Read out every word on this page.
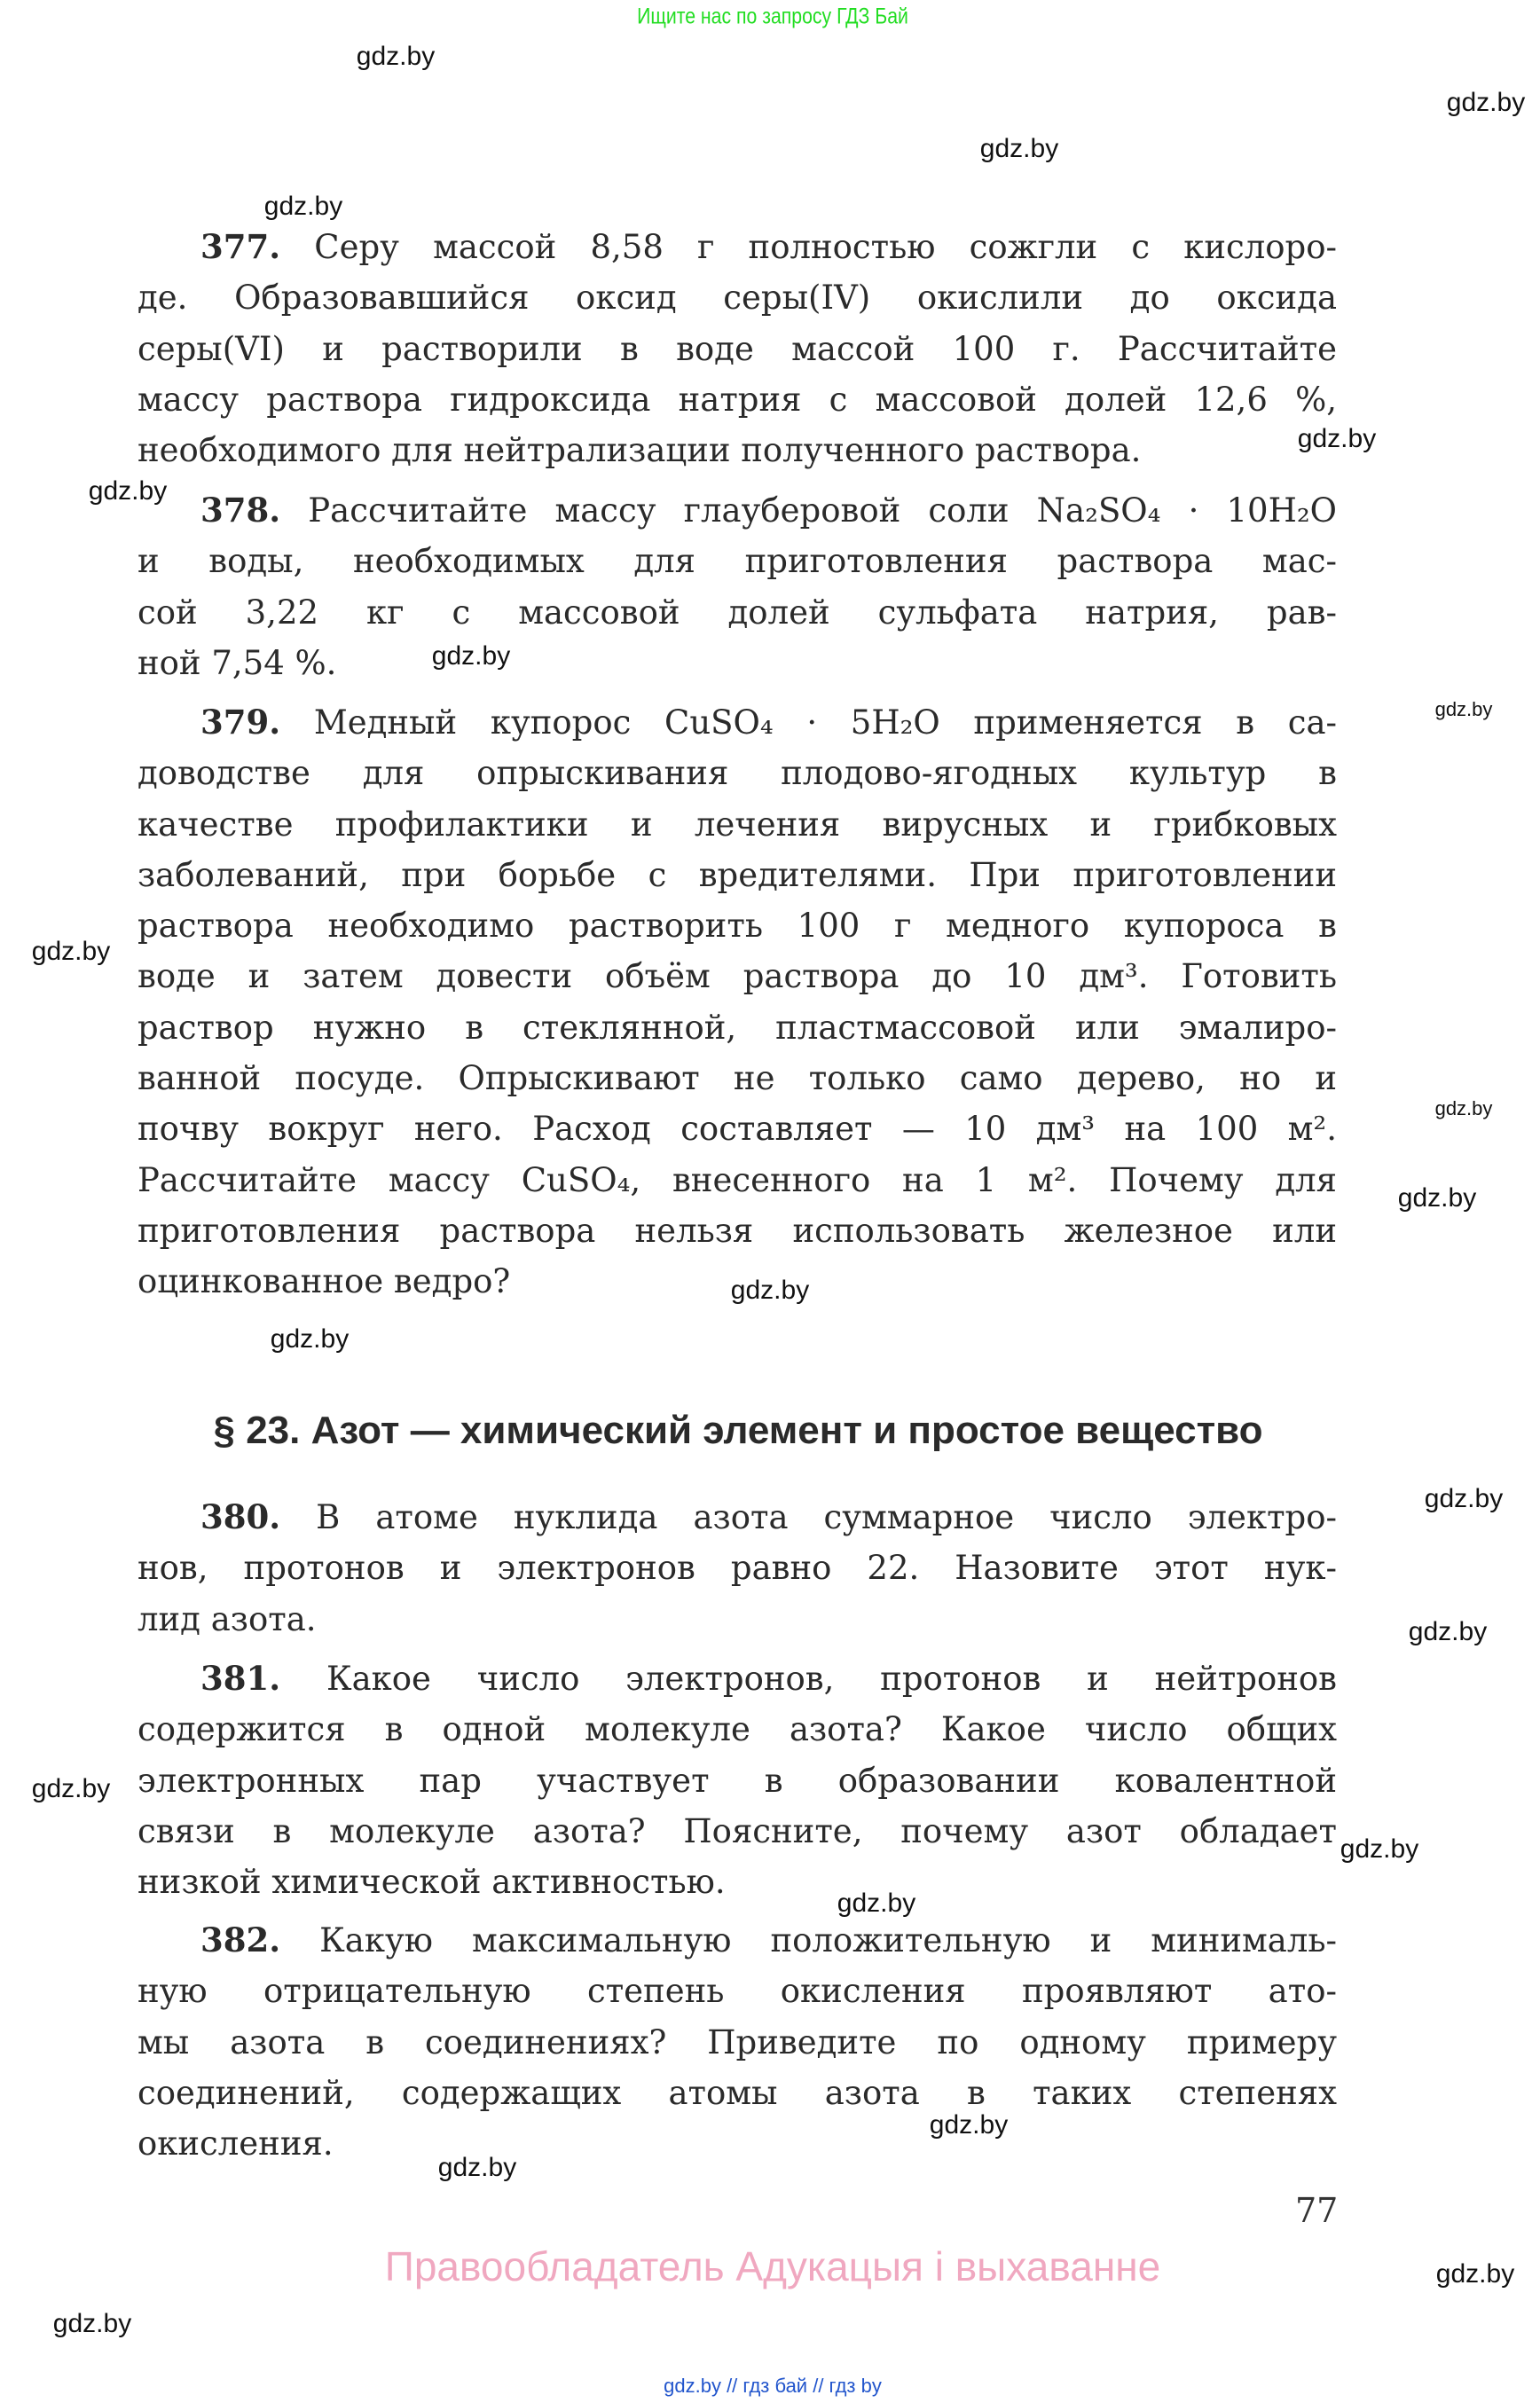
Ищите нас по запросу ГДЗ Бай
gdz.by
gdz.by
gdz.by
gdz.by
gdz.by
gdz.by
gdz.by
gdz.by
gdz.by
gdz.by
gdz.by
gdz.by
gdz.by
gdz.by
gdz.by
gdz.by
gdz.by
gdz.by
gdz.by
gdz.by
gdz.by
gdz.by
377. Серу массой 8,58 г полностью сожгли с кислоро-
де. Образовавшийся оксид серы(IV) окислили до оксида
серы(VI) и растворили в воде массой 100 г. Рассчитайте
массу раствора гидроксида натрия с массовой долей 12,6 %,
необходимого для нейтрализации полученного раствора.
378. Рассчитайте массу глауберовой соли Na₂SO₄ · 10H₂O
и воды, необходимых для приготовления раствора мас-
сой 3,22 кг с массовой долей сульфата натрия, рав-
ной 7,54 %.
379. Медный купорос CuSO₄ · 5H₂O применяется в са-
доводстве для опрыскивания плодово-ягодных культур в
качестве профилактики и лечения вирусных и грибковых
заболеваний, при борьбе с вредителями. При приготовлении
раствора необходимо растворить 100 г медного купороса в
воде и затем довести объём раствора до 10 дм³. Готовить
раствор нужно в стеклянной, пластмассовой или эмалиро-
ванной посуде. Опрыскивают не только само дерево, но и
почву вокруг него. Расход составляет — 10 дм³ на 100 м².
Рассчитайте массу CuSO₄, внесенного на 1 м². Почему для
приготовления раствора нельзя использовать железное или
оцинкованное ведро?
380. В атоме нуклида азота суммарное число электро-
нов, протонов и электронов равно 22. Назовите этот нук-
лид азота.
381. Какое число электронов, протонов и нейтронов
содержится в одной молекуле азота? Какое число общих
электронных пар участвует в образовании ковалентной
связи в молекуле азота? Поясните, почему азот обладает
низкой химической активностью.
382. Какую максимальную положительную и минималь-
ную отрицательную степень окисления проявляют ато-
мы азота в соединениях? Приведите по одному примеру
соединений, содержащих атомы азота в таких степенях
окисления.
§ 23. Азот — химический элемент и простое вещество
77
Правообладатель Адукацыя і выхаванне
gdz.by // гдз бай // гдз by
